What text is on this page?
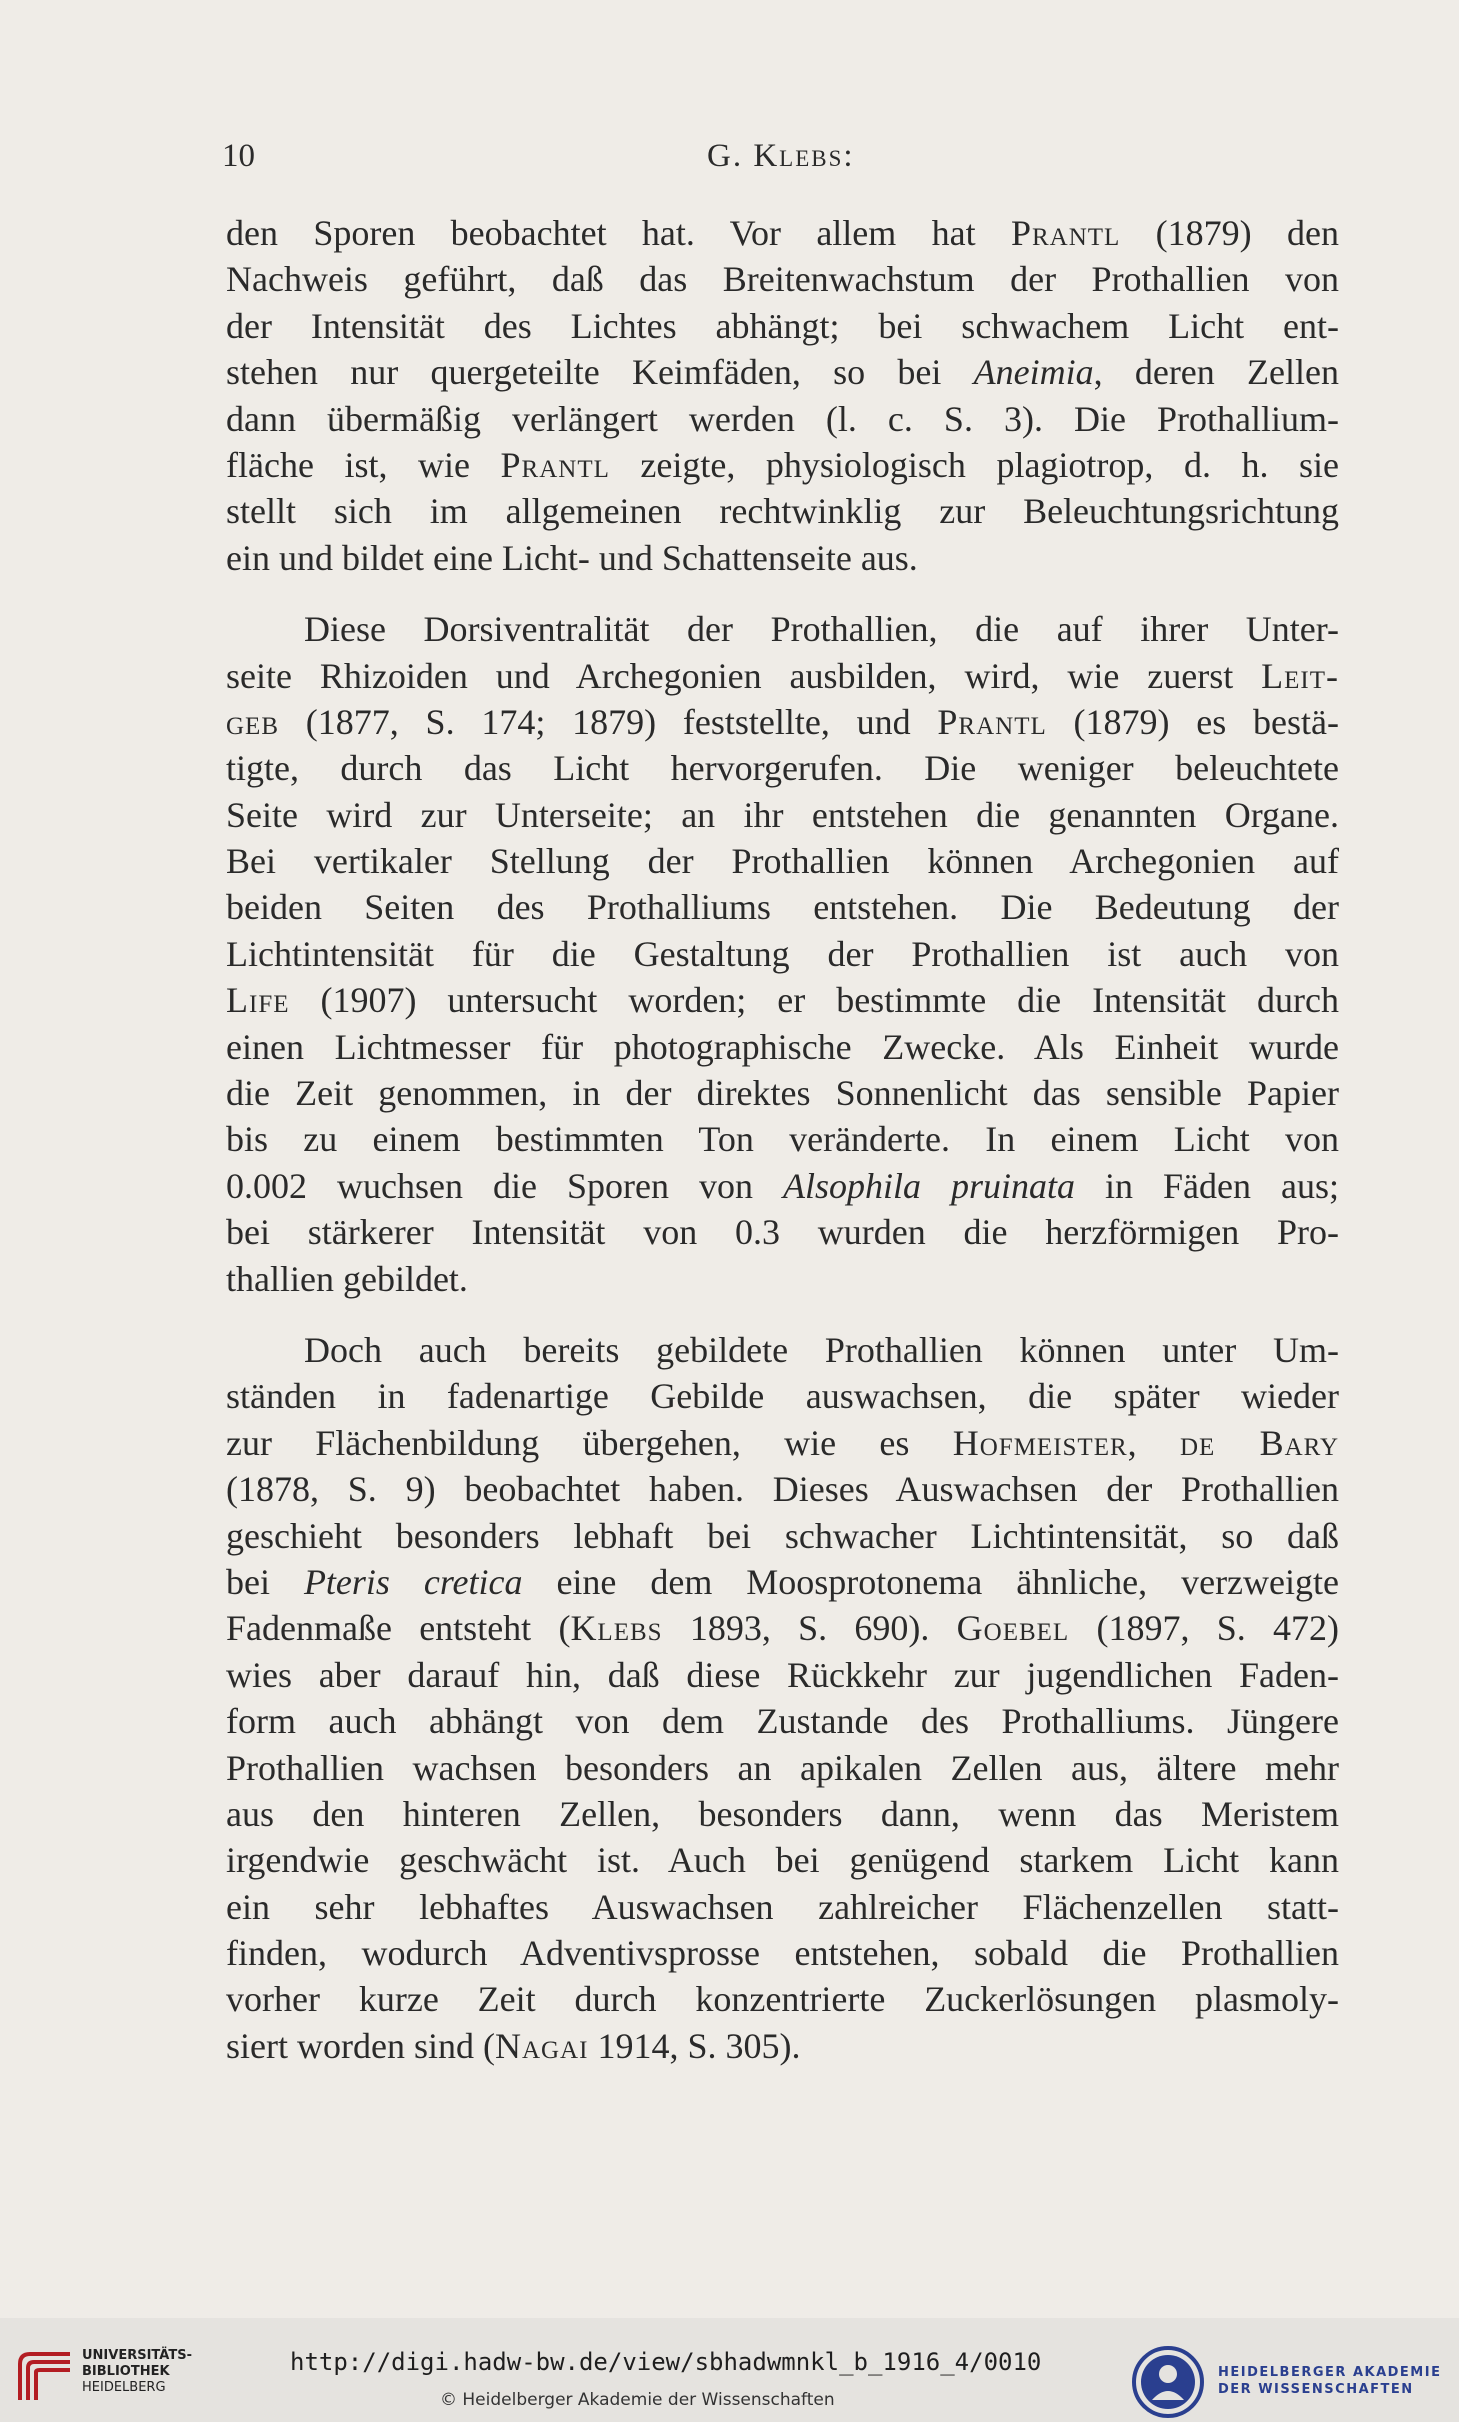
10	G. Klebs:
den Sporen beobachtet hat. Vor allem hat Prantl (1879) den
Nachweis geführt, daß das Breitenwachstum der Prothallien von
der Intensität des Lichtes abhängt; bei schwachem Licht ent-
stehen nur quergeteilte Keimfäden, so bei Aneimia, deren Zellen
dann übermäßig verlängert werden (l. c. S. 3). Die Prothallium-
fläche ist, wie Prantl zeigte, physiologisch plagiotrop, d. h. sie
stellt sich im allgemeinen rechtwinklig zur Beleuchtungsrichtung
ein und bildet eine Licht- und Schattenseite aus.
Diese Dorsiventralität der Prothallien, die auf ihrer Unter-
seite Rhizoiden und Archegonien ausbilden, wird, wie zuerst Leit-
geb (1877, S. 174; 1879) feststellte, und Prantl (1879) es bestä-
tigte, durch das Licht hervorgerufen. Die weniger beleuchtete
Seite wird zur Unterseite; an ihr entstehen die genannten Organe.
Bei vertikaler Stellung der Prothallien können Archegonien auf
beiden Seiten des Prothalliums entstehen. Die Bedeutung der
Lichtintensität für die Gestaltung der Prothallien ist auch von
Life (1907) untersucht worden; er bestimmte die Intensität durch
einen Lichtmesser für photographische Zwecke. Als Einheit wurde
die Zeit genommen, in der direktes Sonnenlicht das sensible Papier
bis zu einem bestimmten Ton veränderte. In einem Licht von
0.002 wuchsen die Sporen von Alsophila pruinata in Fäden aus;
bei stärkerer Intensität von 0.3 wurden die herzförmigen Pro-
thallien gebildet.
Doch auch bereits gebildete Prothallien können unter Um-
ständen in fadenartige Gebilde auswachsen, die später wieder
zur Flächenbildung übergehen, wie es Hofmeister, de Bary
(1878, S. 9) beobachtet haben. Dieses Auswachsen der Prothallien
geschieht besonders lebhaft bei schwacher Lichtintensität, so daß
bei Pteris cretica eine dem Moosprotonema ähnliche, verzweigte
Fadenmaße entsteht (Klebs 1893, S. 690). Goebel (1897, S. 472)
wies aber darauf hin, daß diese Rückkehr zur jugendlichen Faden-
form auch abhängt von dem Zustande des Prothalliums. Jüngere
Prothallien wachsen besonders an apikalen Zellen aus, ältere mehr
aus den hinteren Zellen, besonders dann, wenn das Meristem
irgendwie geschwächt ist. Auch bei genügend starkem Licht kann
ein sehr lebhaftes Auswachsen zahlreicher Flächenzellen statt-
finden, wodurch Adventivsprosse entstehen, sobald die Prothallien
vorher kurze Zeit durch konzentrierte Zuckerlösungen plasmoly-
siert worden sind (Nagai 1914, S. 305).
UNIVERSITÄTS-
BIBLIOTHEK
HEIDELBERG
http://digi.hadw-bw.de/view/sbhadwmnkl_b_1916_4/0010
© Heidelberger Akademie der Wissenschaften
HEIDELBERGER AKADEMIE
DER WISSENSCHAFTEN
